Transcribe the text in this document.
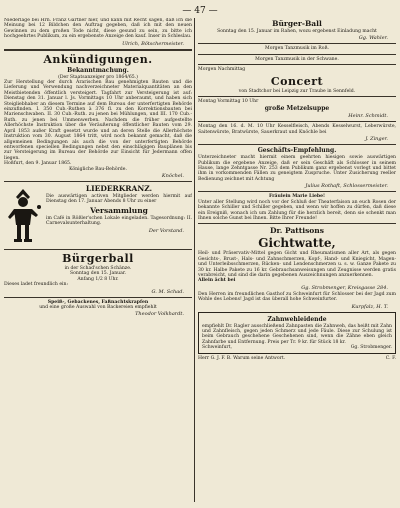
— 47 —

Niederlage bei Hrn. Franz Gärtner hier, und kann mit Recht sagen, daß ich die Meinung bei 12 Bildchen den Auftrag gegeben, daß ich mit den neuen Gewinnen zu dem großen Tode nicht, diese gesund zu sein, zu bitte ich hochgeehrtes Publikum, zu ein ergebenste Anzeige den kauf. Inser in Schleslau.

Ulrich, Bötschermeister.
Ankündigungen.
Bekanntmachung.
(Der Staatsanzeiger pro 1864/65.)

Zur Herstellung der durch Ärarischen Bau genehmigten Bauten und die Lieferung und Verwendung nachverzeichneter Materialquantitäten an den Meistbietenden öffentlich versteigert. Tagfahrt zur Versteigerung ist auf: Dienstag den 31. Januar l. Js. Vormittags 10 Uhr anberaumt, und haben sich Steigliebhaber an diesem Termine auf dem Bureau der unterfertigten Behörde einzufinden. I. 350 Cub.-Ruthen à 376 fl. zu den Korrektionsbauten bei Marienschwaben. II. 30 Cub.-Ruth. zu jenen bei Mühlungen, und III. 170 Cub.-Ruth. zu jenen bei Ummenwerben. Nachdem die früher aufgestellte Allerhöchste Instruktion über die Veräußerung öffentlicher Bauten vom 29. April 1853 außer Kraft gesetzt wurde und an deren Stelle die Allerhöchste Instruktion vom 30. August 1864 tritt, wird noch bekannt gemacht, daß die allgemeinen Bedingungen als auch die von der unterfertigten Behörde entworfenen speciellen Bedingungen nebst den einschlägigen Bauplänen bis zur Versteigerung im Bureau der Behörde zur Einsicht für Jedermann offen liegen.

Hoßfurt, den 9. Januar 1865.
Königliche Bau-Behörde.
Knöchel.
LIEDERKRANZ.

Die auswärtigen activen Mitglieder werden hiermit auf Dienstag den 17. Januar Abends 8 Uhr zu einer

Versammlung

im Café in Rößler'schen Lokale eingeladen. Tagesordnung: II. Carnevalsunterhaltung.

Der Vorstand.
Bürgerball
in der Schad'schen Schänze.
Sonntag den 15. Januar.
Anfang 1/2 8 Uhr.
Dieses ladet freundlich ein:
G. M. Schad.
Speiß-, Gebackenes, Faßnachtskrapfen
und eine große Auswahl von Backereien empfiehlt
Theodor Volkhardt.
Bürger-Ball

Sonntag den 15. Januar im Rahen, wozu ergebenst Einladung macht

Gg. Wahler.
Morgen Tanzmusik im Roß.
Morgen Tanzmusik in der Schwane.
Morgen Nachmittag
Concert
von Stadtchor bei Leipzig zur Traube in Sennfeld.
Montag Vormittag 10 Uhr
große Metzelsuppe
Heinr. Schmidt.

Montag den 16. d. M. 10 Uhr Kesselfleisch, Abends Kesselwurst, Leberwürste, Saitenwürste, Bratwürste, Sauerkraut und Knöchle bei

J. Zinger.
Geschäfts-Empfehlung.

Unterzeichneter macht hiermit einem geehrten hiesigen sowie auswärtigen Publikum die ergebene Anzeige, daß er sein Geschäft als Schlosser in seinem Hause, lange Zehntgasse Nr. 253 dem Publikum ganz ergebenst vorlegt und bittet ihm in vorkommenden Fällen zu geneigtem Zuspruche. Unter Zusicherung reeller Bedienung zeichnet mit Achtung

Julius Rothaft, Schlossermeister.
Fräulein Marie Liebe!

Unter aller Stellung wird noch vor der Schluß der Theaterfaison an euch Rosen der bekannte Schiller und Schiller gegeben, und wenn wir hoffen zu dürfen, daß diese ein Ereigniß, wonach ich um Zahlung für die herzlich bereit, denn sie schenkt man Ihnen solche Gunst bei Ihnen. Bitte Ihrer Freunde!

Dr. Pattisons
Gichtwatte,

Heil- und Präservativ-Mittel gegen Gicht und Rheumatismen aller Art, als gegen Gesichts-, Brust-, Hals- und Zahnschmerzen, Kopf-, Hand- und Kniegicht, Magen- und Unterleibsschmerzen, Rücken- und Lendenschmerzen u. s. w. Ganze Pakete zu 30 kr. Halbe Pakete zu 16 kr. Gebrauchsanweisungen und Zeugnisse werden gratis verabreicht, und sind die darin gegebenen Auszeichnungen anzuerkennen.

Allein ächt bei
Gg. Strobmenger, Kreisgasse 284.

Den Herren im freundlichen Gasthof zu Schweinfurt für Schlosser bei der Jagd zum Wohle des Lebens! Jagd ist das überall hohe Schweinfurter.

Kurpfalz, H. T.
Zahnwehleidende

empfiehlt Dr. Ragler ausschließend Zahnpasten die Zahnweh, das heißt mit Zahn und Zahnfleisch, gegen jeden Schmerz und jede Fäule. Diese zur Schulung ist beim Gebrauch geschehene Geschehenen sind, wenn die Zähne eben gleich Zahnfarbe und Entfernung. Preis per Tr. 9 kr. für Stück 18 kr.

Schweinfurt,	Gg. Strobmenger.
Herr G. J. F. B. Warum seine Antwort.	C. F.
